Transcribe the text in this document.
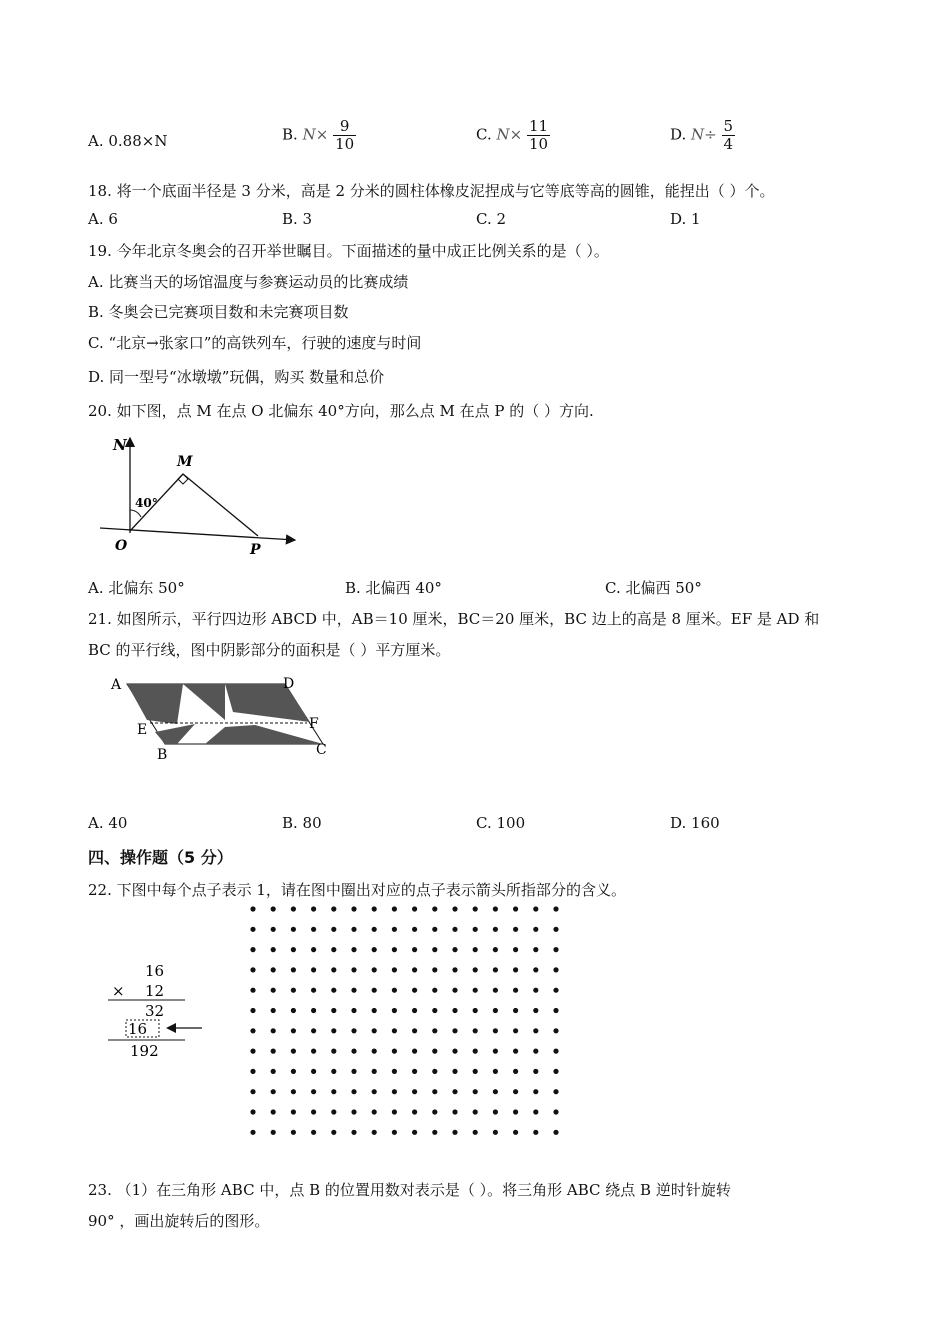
A. 0.88×N	B. $N\times \frac{9}{10}$	C. $N\times \frac{11}{10}$	D. $N\div \frac{5}{4}$
18. 将一个底面半径是 3 分米，高是 2 分米的圆柱体橡皮泥捏成与它等底等高的圆锥，能捏出（ ）个。
A. 6	B. 3	C. 2	D. 1
19. 今年北京冬奥会的召开举世瞩目。下面描述的量中成正比例关系的是（ ）。
A. 比赛当天的场馆温度与参赛运动员的比赛成绩
B. 冬奥会已完赛项目数和未完赛项目数
C. “北京→张家口”的高铁列车，行驶的速度与时间
D. 同一型号“冰墩墩”玩偶，购买 数量和总价
20. 如下图，点 M 在点 O 北偏东 40°方向，那么点 M 在点 P 的（ ）方向.
N
M
40°
O	P
A. 北偏东 50°	B. 北偏西 40°	C. 北偏西 50°
21. 如图所示，平行四边形 ABCD 中，AB＝10 厘米，BC＝20 厘米，BC 边上的高是 8 厘米。EF 是 AD 和
BC 的平行线，图中阴影部分的面积是（ ）平方厘米。
A	D
E	F
B	C
A. 40	B. 80	C. 100	D. 160
四、操作题（5 分）
22. 下图中每个点子表示 1，请在图中圈出对应的点子表示箭头所指部分的含义。
16
× 12
32
16
192
23. （1）在三角形 ABC 中，点 B 的位置用数对表示是（ ）。将三角形 ABC 绕点 B 逆时针旋转
90° ，画出旋转后的图形。
